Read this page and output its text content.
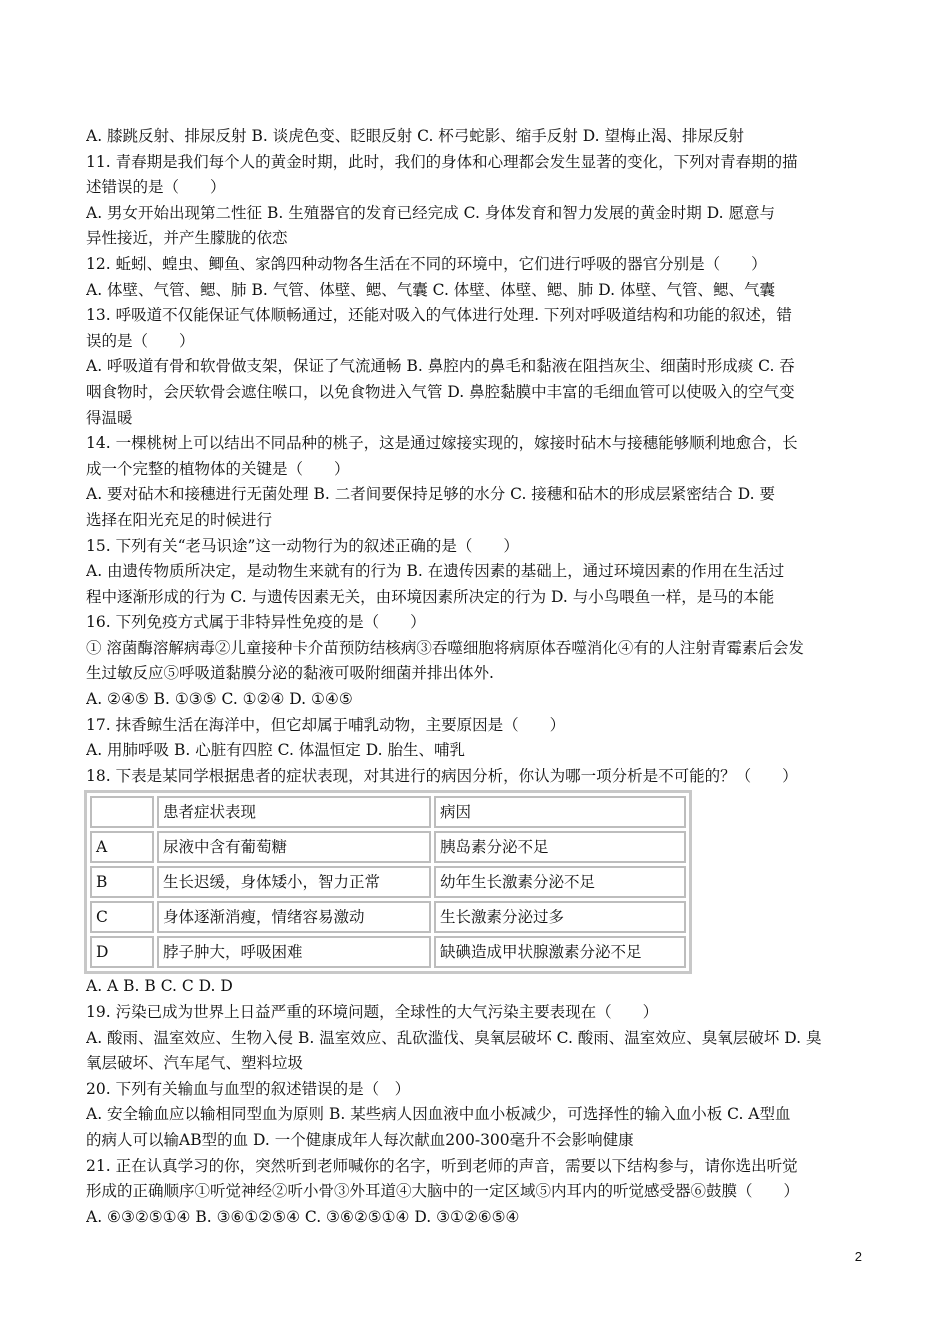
A. 膝跳反射、排尿反射 B. 谈虎色变、眨眼反射 C. 杯弓蛇影、缩手反射 D. 望梅止渴、排尿反射

11. 青春期是我们每个人的黄金时期，此时，我们的身体和心理都会发生显著的变化，下列对青春期的描

述错误的是（　　）

A. 男女开始出现第二性征 B. 生殖器官的发育已经完成 C. 身体发育和智力发展的黄金时期 D. 愿意与

异性接近，并产生朦胧的依恋

12. 蚯蚓、蝗虫、鲫鱼、家鸽四种动物各生活在不同的环境中，它们进行呼吸的器官分别是（　　）

A. 体壁、气管、鳃、肺 B. 气管、体壁、鳃、气囊 C. 体壁、体壁、鳃、肺 D. 体壁、气管、鳃、气囊

13. 呼吸道不仅能保证气体顺畅通过，还能对吸入的气体进行处理. 下列对呼吸道结构和功能的叙述，错

误的是（　　）

A. 呼吸道有骨和软骨做支架，保证了气流通畅 B. 鼻腔内的鼻毛和黏液在阻挡灰尘、细菌时形成痰 C. 吞

咽食物时，会厌软骨会遮住喉口，以免食物进入气管 D. 鼻腔黏膜中丰富的毛细血管可以使吸入的空气变

得温暖

14. 一棵桃树上可以结出不同品种的桃子，这是通过嫁接实现的，嫁接时砧木与接穗能够顺利地愈合，长

成一个完整的植物体的关键是（　　）

A. 要对砧木和接穗进行无菌处理 B. 二者间要保持足够的水分 C. 接穗和砧木的形成层紧密结合 D. 要

选择在阳光充足的时候进行

15. 下列有关“老马识途”这一动物行为的叙述正确的是（　　）

A. 由遗传物质所决定，是动物生来就有的行为 B. 在遗传因素的基础上，通过环境因素的作用在生活过

程中逐渐形成的行为 C. 与遗传因素无关，由环境因素所决定的行为 D. 与小鸟喂鱼一样，是马的本能

16. 下列免疫方式属于非特异性免疫的是（　　）

① 溶菌酶溶解病毒②儿童接种卡介苗预防结核病③吞噬细胞将病原体吞噬消化④有的人注射青霉素后会发

生过敏反应⑤呼吸道黏膜分泌的黏液可吸附细菌并排出体外.

A. ②④⑤ B. ①③⑤ C. ①②④ D. ①④⑤

17. 抹香鲸生活在海洋中，但它却属于哺乳动物，主要原因是（　　）

A. 用肺呼吸 B. 心脏有四腔 C. 体温恒定 D. 胎生、哺乳

18. 下表是某同学根据患者的症状表现，对其进行的病因分析，你认为哪一项分析是不可能的？（　　）

	患者症状表现	病因
A	尿液中含有葡萄糖	胰岛素分泌不足
B	生长迟缓，身体矮小，智力正常	幼年生长激素分泌不足
C	身体逐渐消瘦，情绪容易激动	生长激素分泌过多
D	脖子肿大，呼吸困难	缺碘造成甲状腺激素分泌不足

A. A B. B C. C D. D

19. 污染已成为世界上日益严重的环境问题，全球性的大气污染主要表现在（　　）

A. 酸雨、温室效应、生物入侵 B. 温室效应、乱砍滥伐、臭氧层破坏 C. 酸雨、温室效应、臭氧层破坏 D. 臭

氧层破坏、汽车尾气、塑料垃圾

20. 下列有关输血与血型的叙述错误的是（　）

A. 安全输血应以输相同型血为原则 B. 某些病人因血液中血小板减少，可选择性的输入血小板 C. A型血

的病人可以输AB型的血 D. 一个健康成年人每次献血200-300毫升不会影响健康

21. 正在认真学习的你，突然听到老师喊你的名字，听到老师的声音，需要以下结构参与，请你选出听觉

形成的正确顺序①听觉神经②听小骨③外耳道④大脑中的一定区域⑤内耳内的听觉感受器⑥鼓膜（　　）

A. ⑥③②⑤①④ B. ③⑥①②⑤④ C. ③⑥②⑤①④ D. ③①②⑥⑤④

2
